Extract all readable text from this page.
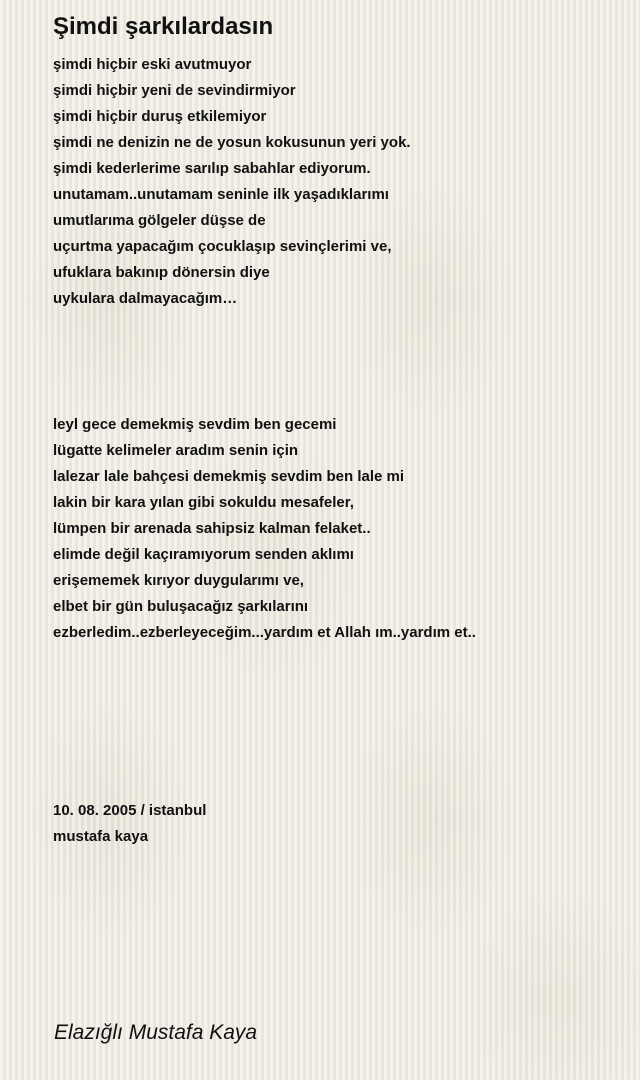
Şimdi şarkılardasın
şimdi hiçbir eski avutmuyor
şimdi hiçbir yeni de sevindirmiyor
şimdi hiçbir duruş etkilemiyor
şimdi ne denizin ne de yosun kokusunun yeri yok.
şimdi kederlerime sarılıp sabahlar ediyorum.
unutamam..unutamam seninle ilk yaşadıklarımı
umutlarıma gölgeler düşse de
uçurtma yapacağım çocuklaşıp sevinçlerimi ve,
ufuklara bakınıp dönersin diye
uykulara dalmayacağım…
leyl gece demekmiş sevdim ben gecemi
lügatte kelimeler aradım senin için
lalezar lale bahçesi demekmiş sevdim ben lale mi
lakin bir kara yılan gibi sokuldu mesafeler,
lümpen bir arenada sahipsiz kalman felaket..
elimde değil kaçıramıyorum senden aklımı
erişememek kırıyor duygularımı ve,
elbet bir gün buluşacağız şarkılarını
ezberledim..ezberleyeceğim...yardım et Allah ım..yardım et..
10. 08. 2005 / istanbul
mustafa kaya
Elazığlı Mustafa Kaya
